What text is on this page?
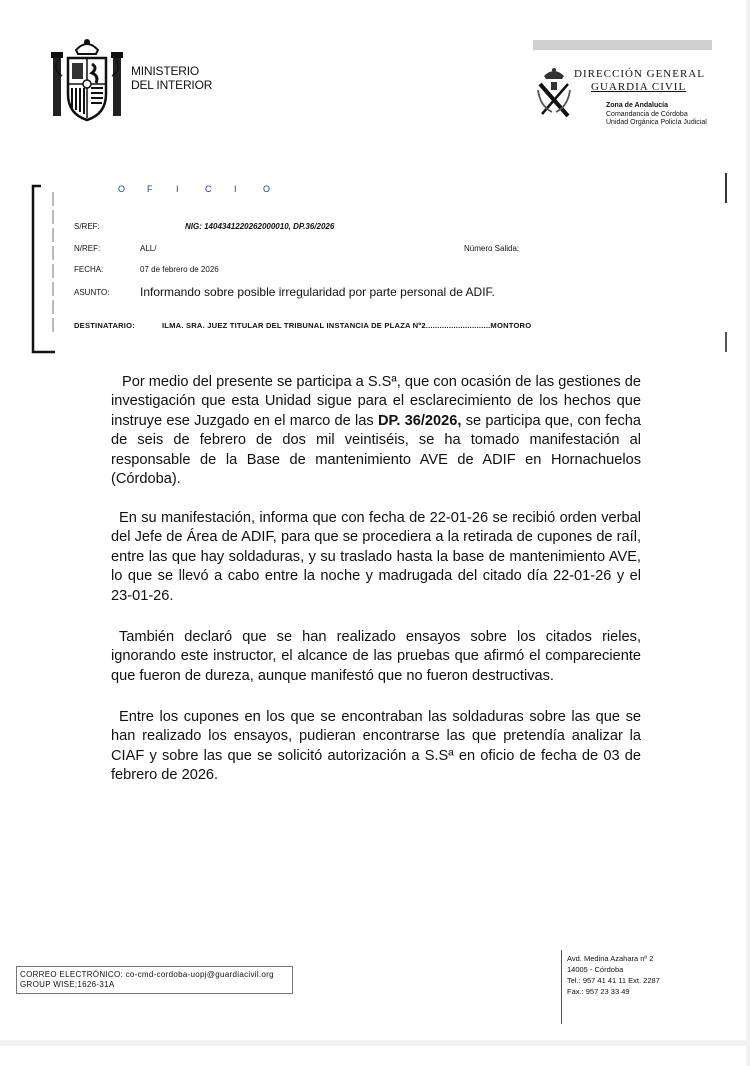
MINISTERIO
DEL INTERIOR
DIRECCIÓN GENERAL
GUARDIA CIVIL
Zona de Andalucía
Comandancia de Córdoba
Unidad Orgánica Policía Judicial
O F	I	C	I	O
S/REF:	NIG: 1404341220262000010, DP.36/2026
N/REF:	ALL/	Número Salida:
FECHA:	07 de febrero de 2026
ASUNTO:	Informando sobre posible irregularidad por parte personal de ADIF.
DESTINATARIO:	ILMA. SRA. JUEZ TITULAR DEL TRIBUNAL INSTANCIA DE PLAZA Nº2............................MONTORO

Por medio del presente se participa a S.Sª, que con ocasión de las gestiones de investigación que esta Unidad sigue para el esclarecimiento de los hechos que instruye ese Juzgado en el marco de las DP. 36/2026, se participa que, con fecha de seis de febrero de dos mil veintiséis, se ha tomado manifestación al responsable de la Base de mantenimiento AVE de ADIF en Hornachuelos (Córdoba).

En su manifestación, informa que con fecha de 22-01-26 se recibió orden verbal del Jefe de Área de ADIF, para que se procediera a la retirada de cupones de raíl, entre las que hay soldaduras, y su traslado hasta la base de mantenimiento AVE, lo que se llevó a cabo entre la noche y madrugada del citado día 22-01-26 y el 23-01-26.

También declaró que se han realizado ensayos sobre los citados rieles, ignorando este instructor, el alcance de las pruebas que afirmó el compareciente que fueron de dureza, aunque manifestó que no fueron destructivas.

Entre los cupones en los que se encontraban las soldaduras sobre las que se han realizado los ensayos, pudieran encontrarse las que pretendía analizar la CIAF y sobre las que se solicitó autorización a S.Sª en oficio de fecha de 03 de febrero de 2026.

CORREO ELECTRÓNICO: co-cmd-cordoba-uopj@guardiacivil.org
GROUP WISE;1626-31A
Avd. Medina Azahara nº 2
14005 - Córdoba
Tel.: 957 41 41 11 Ext. 2287
Fax.: 957 23 33 49
